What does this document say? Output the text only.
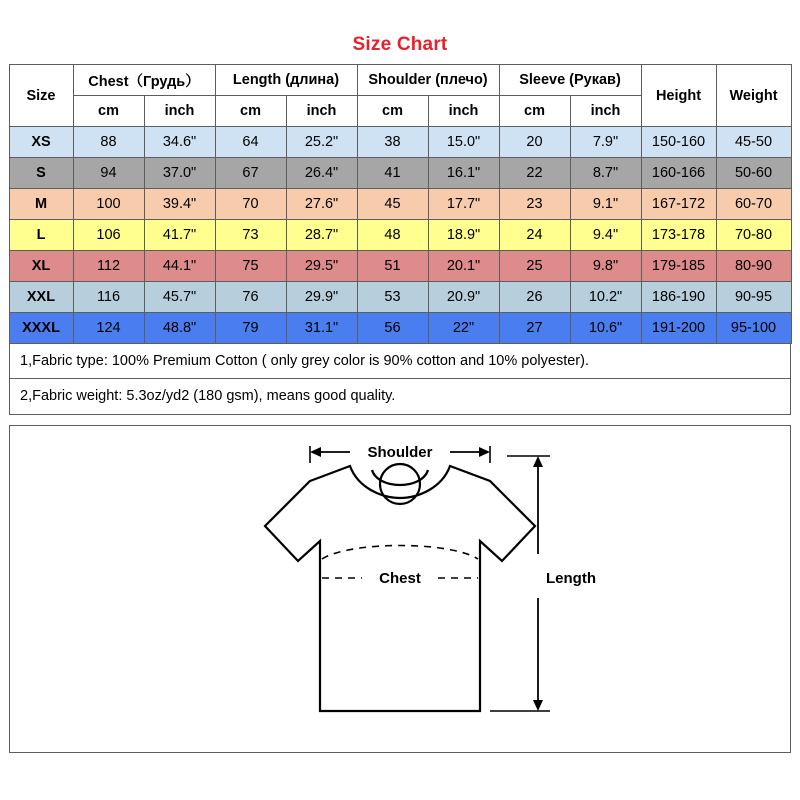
Size Chart
Size	Chest（Грудь）		Length (длина)		Shoulder (плечо)		Sleeve (Рукав)		Height	Weight
	cm	inch	cm	inch	cm	inch	cm	inch		
XS	88	34.6"	64	25.2"	38	15.0"	20	7.9"	150-160	45-50
S	94	37.0"	67	26.4"	41	16.1"	22	8.7"	160-166	50-60
M	100	39.4"	70	27.6"	45	17.7"	23	9.1"	167-172	60-70
L	106	41.7"	73	28.7"	48	18.9"	24	9.4"	173-178	70-80
XL	112	44.1"	75	29.5"	51	20.1"	25	9.8"	179-185	80-90
XXL	116	45.7"	76	29.9"	53	20.9"	26	10.2"	186-190	90-95
XXXL	124	48.8"	79	31.1"	56	22"	27	10.6"	191-200	95-100
1,Fabric type: 100% Premium Cotton ( only grey color is 90% cotton and 10% polyester).
2,Fabric weight: 5.3oz/yd2 (180 gsm), means good quality.
Chest
Shoulder
Length
